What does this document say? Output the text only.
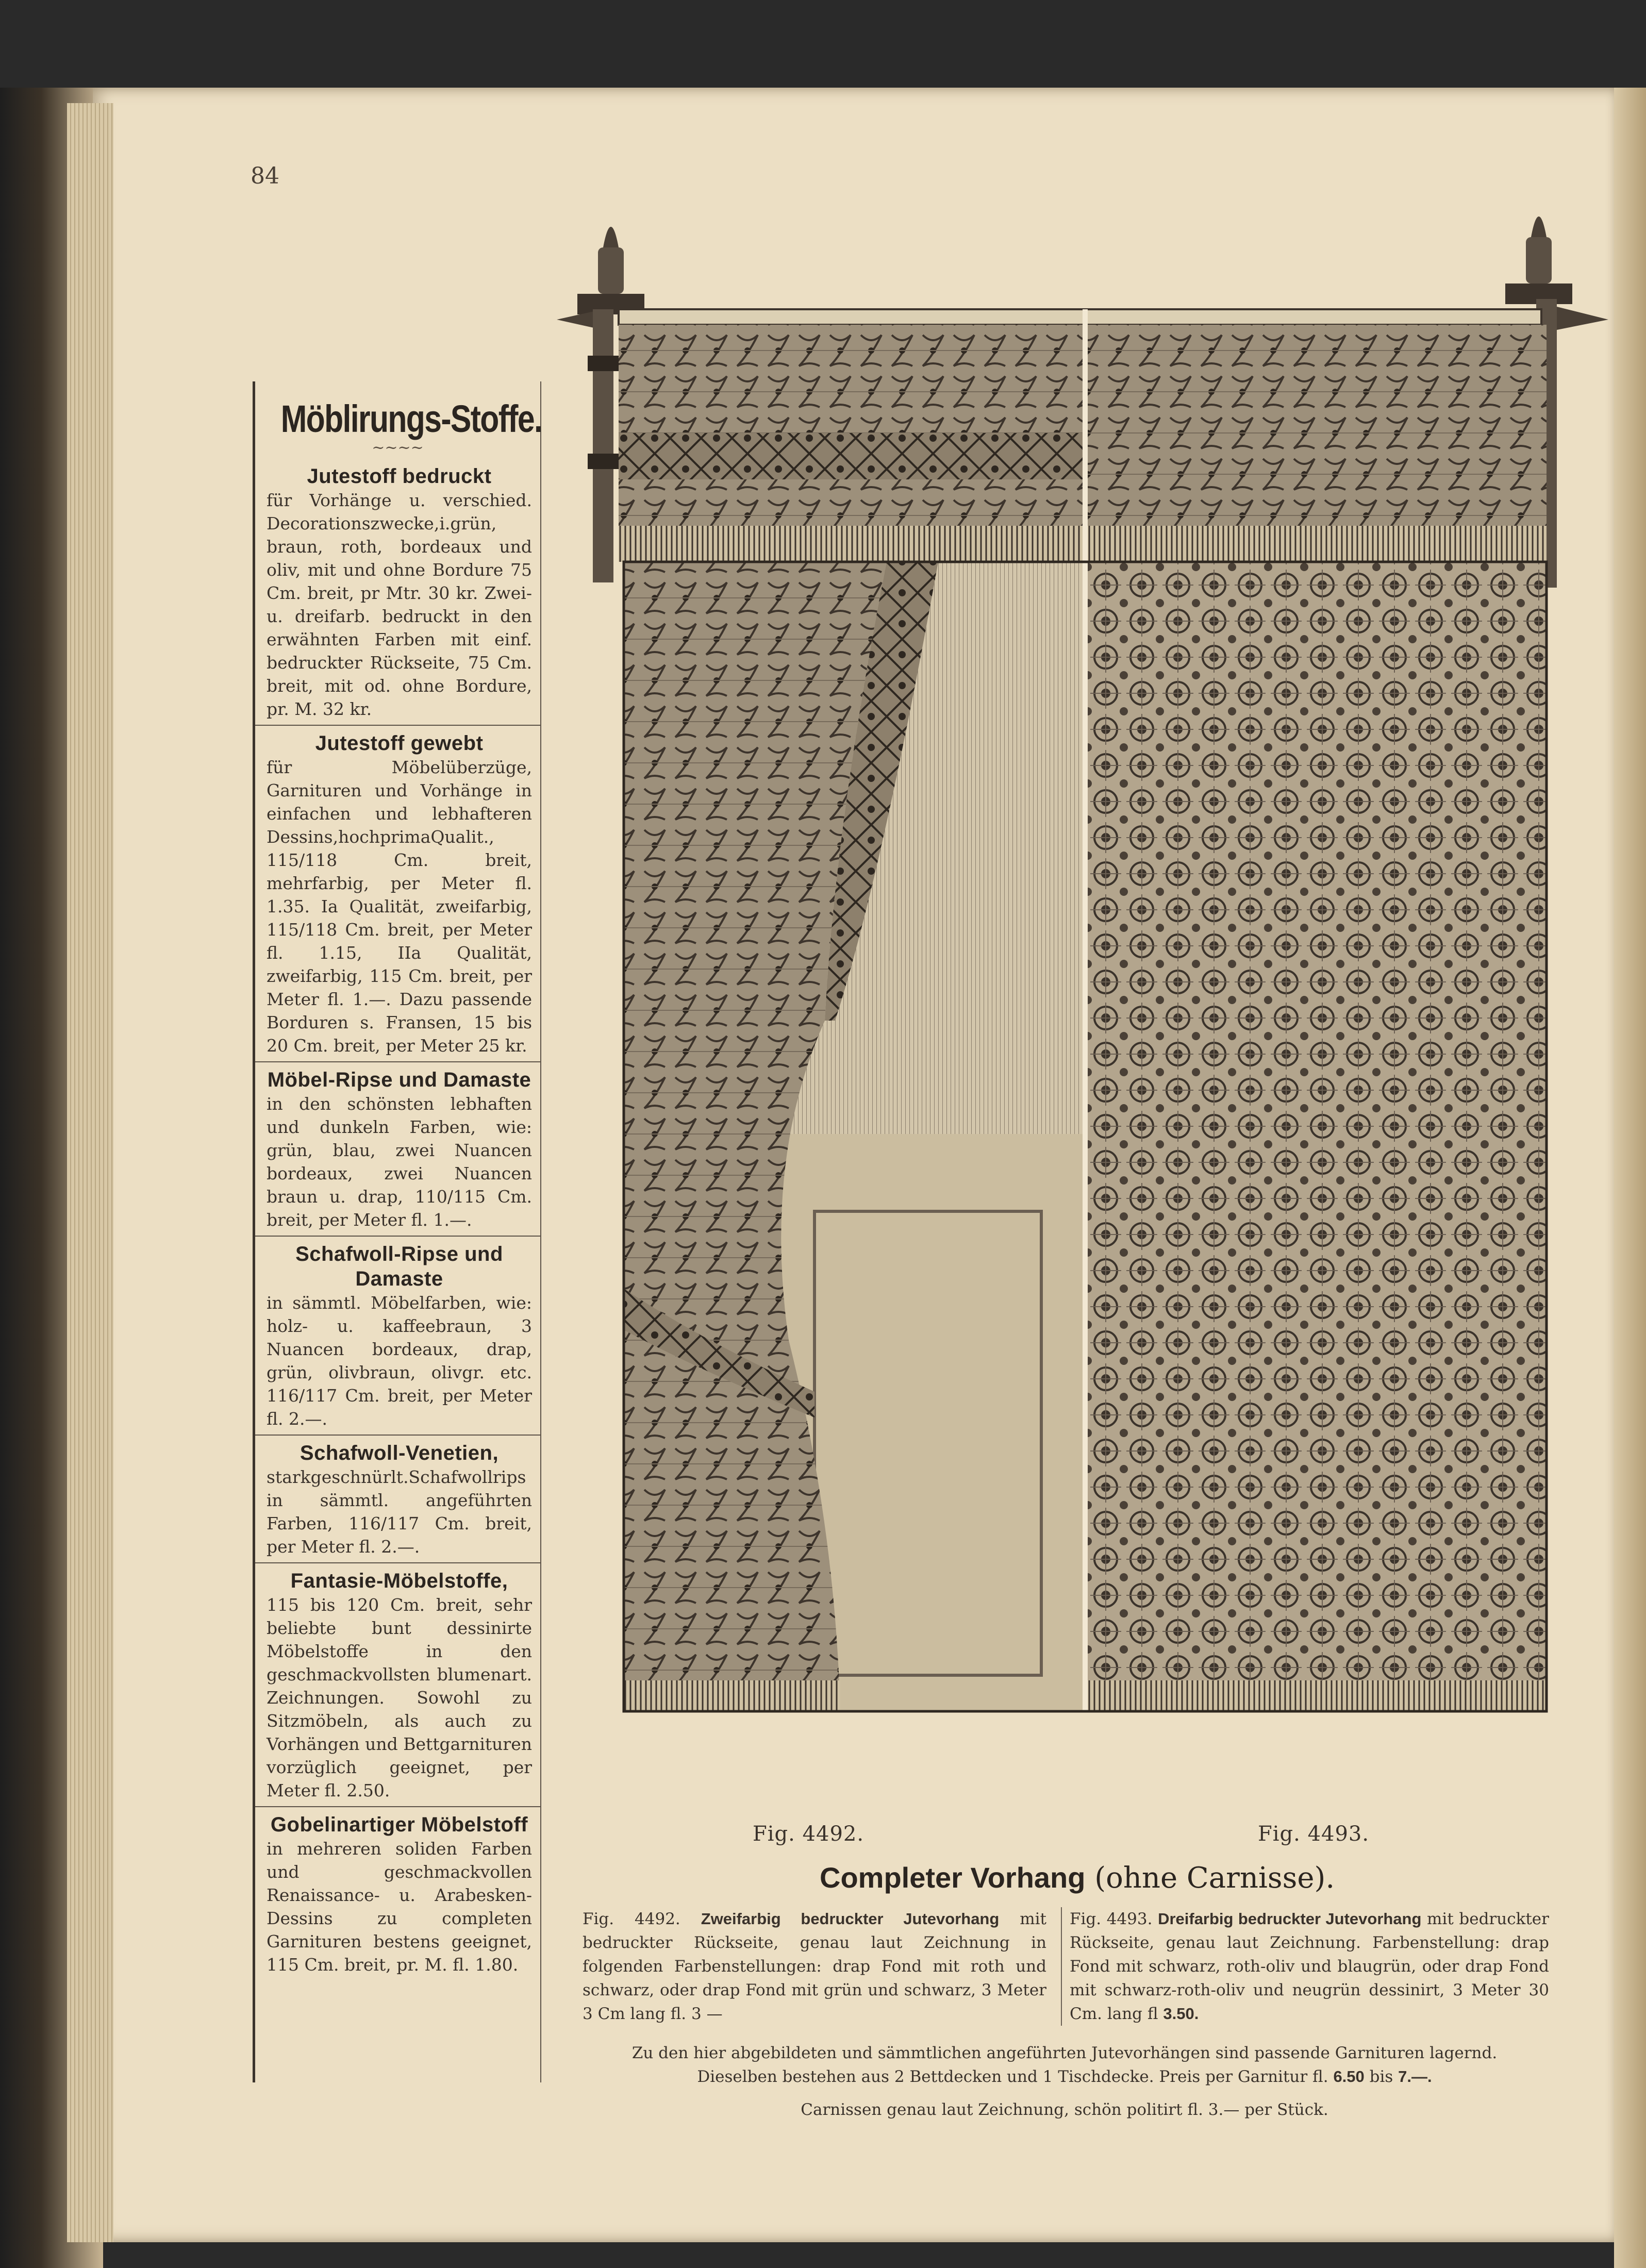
84
Möblirungs-Stoffe.
~~~~
Jutestoff bedruckt
für Vorhänge u. verschied. Decorationszwecke,i.grün, braun, roth, bordeaux und oliv, mit und ohne Bordure 75 Cm. breit, pr Mtr. 30 kr. Zwei- u. dreifarb. bedruckt in den erwähnten Farben mit einf. bedruckter Rückseite, 75 Cm. breit, mit od. ohne Bordure, pr. M. 32 kr.
Jutestoff gewebt
für Möbelüberzüge, Garnituren und Vorhänge in einfachen und lebhafteren Dessins,hochprimaQualit., 115/118 Cm. breit, mehrfarbig, per Meter fl. 1.35. Ia Qualität, zweifarbig, 115/118 Cm. breit, per Meter fl. 1.15, IIa Qualität, zweifarbig, 115 Cm. breit, per Meter fl. 1.—. Dazu passende Borduren s. Fransen, 15 bis 20 Cm. breit, per Meter 25 kr.
Möbel-Ripse und Damaste
in den schönsten lebhaften und dunkeln Farben, wie: grün, blau, zwei Nuancen bordeaux, zwei Nuancen braun u. drap, 110/115 Cm. breit, per Meter fl. 1.—.
Schafwoll-Ripse und Damaste
in sämmtl. Möbelfarben, wie: holz- u. kaffeebraun, 3 Nuancen bordeaux, drap, grün, olivbraun, olivgr. etc. 116/117 Cm. breit, per Meter fl. 2.—.
Schafwoll-Venetien,
starkgeschnürlt.Schafwollrips in sämmtl. angeführten Farben, 116/117 Cm. breit, per Meter fl. 2.—.
Fantasie-Möbelstoffe,
115 bis 120 Cm. breit, sehr beliebte bunt dessinirte Möbelstoffe in den geschmackvollsten blumenart. Zeichnungen. Sowohl zu Sitzmöbeln, als auch zu Vorhängen und Bettgarnituren vorzüglich geeignet, per Meter fl. 2.50.
Gobelinartiger Möbelstoff
in mehreren soliden Farben und geschmackvollen Renaissance- u. Arabesken-Dessins zu completen Garnituren bestens geeignet, 115 Cm. breit, pr. M. fl. 1.80.
Fig. 4492.	Fig. 4493.
Completer Vorhang (ohne Carnisse).
Fig. 4492. Zweifarbig bedruckter Jutevorhang mit bedruckter Rückseite, genau laut Zeichnung in folgenden Farbenstellungen: drap Fond mit roth und schwarz, oder drap Fond mit grün und schwarz, 3 Meter 3 Cm lang fl. 3 —
Fig. 4493. Dreifarbig bedruckter Jutevorhang mit bedruckter Rückseite, genau laut Zeichnung. Farbenstellung: drap Fond mit schwarz, roth-oliv und blaugrün, oder drap Fond mit schwarz-roth-oliv und neugrün dessinirt, 3 Meter 30 Cm. lang fl 3.50.
Zu den hier abgebildeten und sämmtlichen angeführten Jutevorhängen sind passende Garnituren lagernd.
Dieselben bestehen aus 2 Bettdecken und 1 Tischdecke. Preis per Garnitur fl. 6.50 bis 7.—.
Carnissen genau laut Zeichnung, schön politirt fl. 3.— per Stück.
